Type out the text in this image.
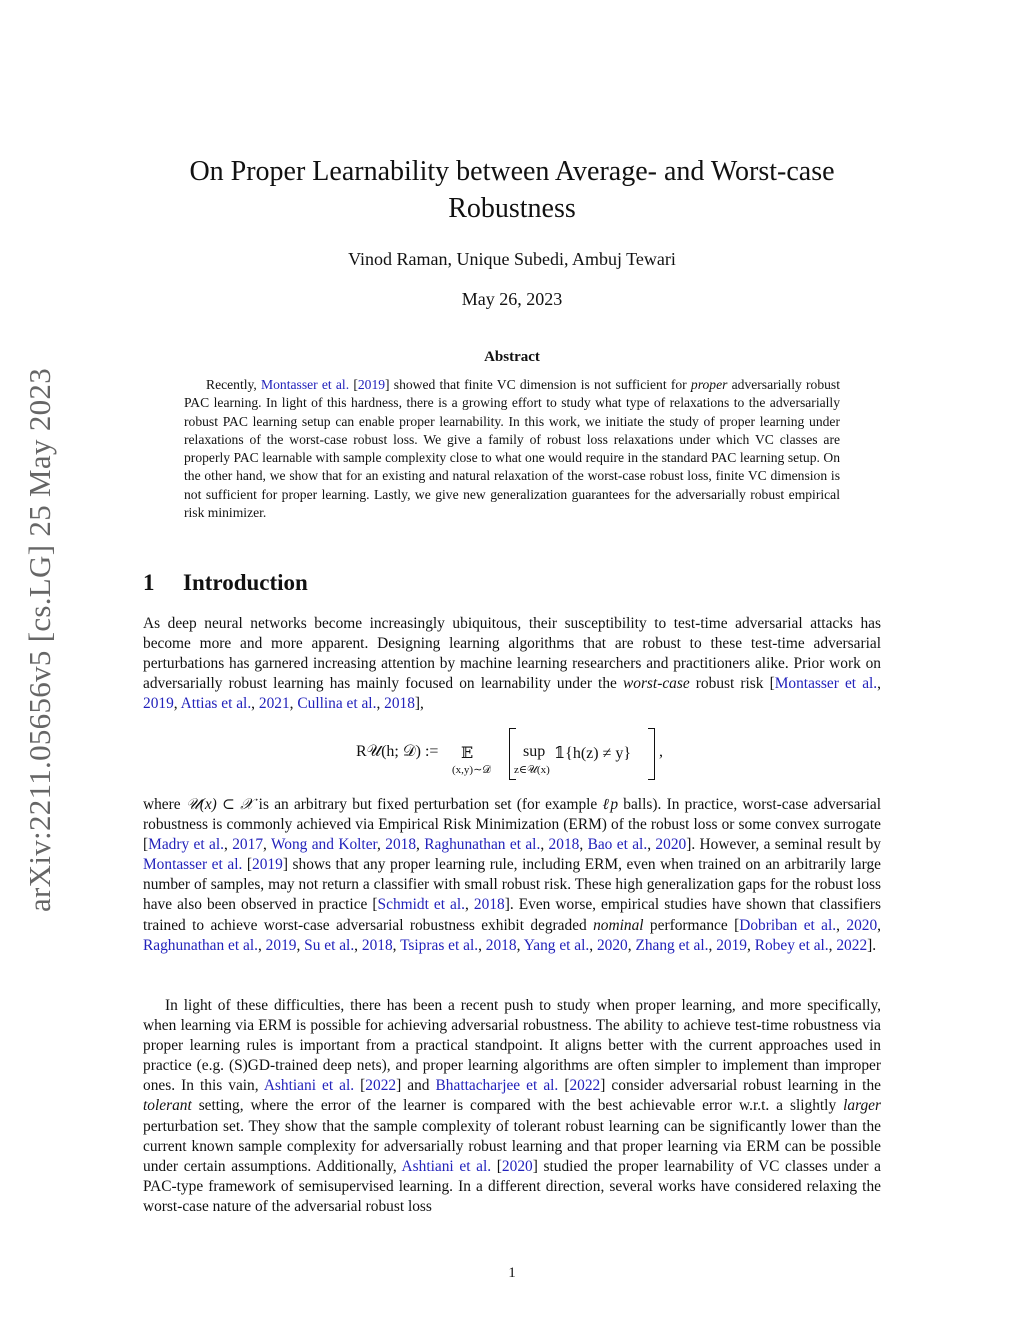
arXiv:2211.05656v5 [cs.LG] 25 May 2023
On Proper Learnability between Average- and Worst-case Robustness
Vinod Raman, Unique Subedi, Ambuj Tewari
May 26, 2023
Abstract
Recently, Montasser et al. [2019] showed that finite VC dimension is not sufficient for proper adversarially robust PAC learning. In light of this hardness, there is a growing effort to study what type of relaxations to the adversarially robust PAC learning setup can enable proper learnability. In this work, we initiate the study of proper learning under relaxations of the worst-case robust loss. We give a family of robust loss relaxations under which VC classes are properly PAC learnable with sample complexity close to what one would require in the standard PAC learning setup. On the other hand, we show that for an existing and natural relaxation of the worst-case robust loss, finite VC dimension is not sufficient for proper learning. Lastly, we give new generalization guarantees for the adversarially robust empirical risk minimizer.
1 Introduction
As deep neural networks become increasingly ubiquitous, their susceptibility to test-time adversarial attacks has become more and more apparent. Designing learning algorithms that are robust to these test-time adversarial perturbations has garnered increasing attention by machine learning researchers and practitioners alike. Prior work on adversarially robust learning has mainly focused on learnability under the worst-case robust risk [Montasser et al., 2019, Attias et al., 2021, Cullina et al., 2018],
R𝒰(h; 𝒟) := 𝔼
(x,y)∼𝒟
sup
z∈𝒰(x)
𝟙{h(z) ≠ y} ,
where 𝒰(x) ⊂ 𝒳 is an arbitrary but fixed perturbation set (for example ℓp balls). In practice, worst-case adversarial robustness is commonly achieved via Empirical Risk Minimization (ERM) of the robust loss or some convex surrogate [Madry et al., 2017, Wong and Kolter, 2018, Raghunathan et al., 2018, Bao et al., 2020]. However, a seminal result by Montasser et al. [2019] shows that any proper learning rule, including ERM, even when trained on an arbitrarily large number of samples, may not return a classifier with small robust risk. These high generalization gaps for the robust loss have also been observed in practice [Schmidt et al., 2018]. Even worse, empirical studies have shown that classifiers trained to achieve worst-case adversarial robustness exhibit degraded nominal performance [Dobriban et al., 2020, Raghunathan et al., 2019, Su et al., 2018, Tsipras et al., 2018, Yang et al., 2020, Zhang et al., 2019, Robey et al., 2022].
In light of these difficulties, there has been a recent push to study when proper learning, and more specifically, when learning via ERM is possible for achieving adversarial robustness. The ability to achieve test-time robustness via proper learning rules is important from a practical standpoint. It aligns better with the current approaches used in practice (e.g. (S)GD-trained deep nets), and proper learning algorithms are often simpler to implement than improper ones. In this vain, Ashtiani et al. [2022] and Bhattacharjee et al. [2022] consider adversarial robust learning in the tolerant setting, where the error of the learner is compared with the best achievable error w.r.t. a slightly larger perturbation set. They show that the sample complexity of tolerant robust learning can be significantly lower than the current known sample complexity for adversarially robust learning and that proper learning via ERM can be possible under certain assumptions. Additionally, Ashtiani et al. [2020] studied the proper learnability of VC classes under a PAC-type framework of semisupervised learning. In a different direction, several works have considered relaxing the worst-case nature of the adversarial robust loss
1
